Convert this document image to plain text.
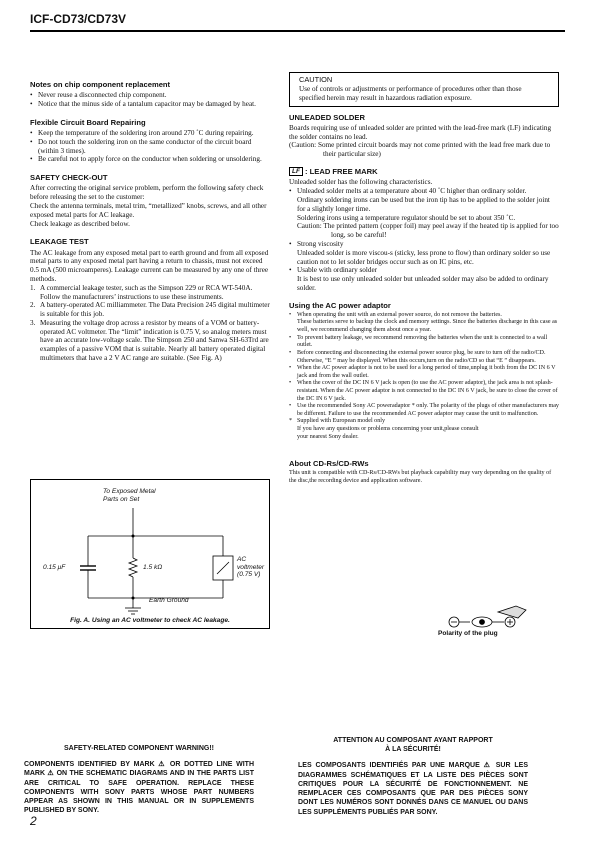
ICF-CD73/CD73V
Notes on chip component replacement
• Never reuse a disconnected chip component.
• Notice that the minus side of a tantalum capacitor may be damaged by heat.
Flexible Circuit Board Repairing
• Keep the temperature of the soldering iron around 270 ˚C during repairing.
• Do not touch the soldering iron on the same conductor of the circuit board (within 3 times).
• Be careful not to apply force on the conductor when soldering or unsoldering.
SAFETY CHECK-OUT

After correcting the original service problem, perform the following safety check before releasing the set to the customer:

Check the antenna terminals, metal trim, “metallized” knobs, screws, and all other exposed metal parts for AC leakage.

Check leakage as described below.

LEAKAGE TEST

The AC leakage from any exposed metal part to earth ground and from all exposed metal parts to any exposed metal part having a return to chassis, must not exceed 0.5 mA (500 microamperes). Leakage current can be measured by any one of three methods.

1. A commercial leakage tester, such as the Simpson 229 or RCA WT-540A. Follow the manufacturers’ instructions to use these instruments.
2. A battery-operated AC milliammeter. The Data Precision 245 digital multimeter is suitable for this job.
3. Measuring the voltage drop across a resistor by means of a VOM or battery-operated AC voltmeter. The “limit” indication is 0.75 V, so analog meters must have an accurate low-voltage scale. The Simpson 250 and Sanwa SH-63Trd are examples of a passive VOM that is suitable. Nearly all battery operated digital multimeters that have a 2 V AC range are suitable. (See Fig. A)
To Exposed Metal
Parts on Set
0.15 μF	1.5 kΩ
AC
voltmeter
(0.75 V)
Earth Ground
Fig. A. Using an AC voltmeter to check AC leakage.
CAUTION

Use of controls or adjustments or performance of procedures other than those specified herein may result in hazardous radiation exposure.

UNLEADED SOLDER

Boards requiring use of unleaded solder are printed with the lead-free mark (LF) indicating the solder contains no lead.

(Caution: Some printed circuit boards may not come printed with the lead free mark due to their particular size)

LF : LEAD FREE MARK

Unleaded solder has the following characteristics.

• Unleaded solder melts at a temperature about 40 ˚C higher than ordinary solder.
Ordinary soldering irons can be used but the iron tip has to be applied to the solder joint for a slightly longer time.
Soldering irons using a temperature regulator should be set to about 350 ˚C.
Caution: The printed pattern (copper foil) may peel away if the heated tip is applied for too long, so be careful!
• Strong viscosity
Unleaded solder is more viscou-s (sticky, less prone to flow) than ordinary solder so use caution not to let solder bridges occur such as on IC pins, etc.
• Usable with ordinary solder
It is best to use only unleaded solder but unleaded solder may also be added to ordinary solder.
Using the AC power adaptor
• When operating the unit with an external power source, do not remove the batteries.
These batteries serve to backup the clock and memory settings. Since the batteries discharge in this case as well, we recommend changing them about once a year.
• To prevent battery leakage, we recommend removing the batteries when the unit is connected to a wall outlet.
• Before connecting and disconnecting the external power source plug, be sure to turn off the radio/CD. Otherwise, “E ” may be displayed. When this occurs,turn on the radio/CD so that “E ” disappears.
• When the AC power adaptor is not to be used for a long period of time,unplug it both from the DC IN 6 V jack and from the wall outlet.
• When the cover of the DC IN 6 V jack is open (to use the AC power adaptor), the jack area is not splash-resistant. When the AC power adaptor is not connected to the DC IN 6 V jack, be sure to close the cover of the DC IN 6 V jack.
• Use the recommended Sony AC poweradaptor * only. The polarity of the plugs of other manufacturers may be different. Failure to use the recommended AC power adaptor may cause the unit to malfunction.
* Supplied with European model only
If you have any questions or problems concerning your unit,please consult your nearest Sony dealer.
About CD-Rs/CD-RWs

This unit is compatible with CD-Rs/CD-RWs but playback capability may vary depending on the quality of the disc,the recording device and application software.

Polarity of the plug
SAFETY-RELATED COMPONENT WARNING!!
COMPONENTS IDENTIFIED BY MARK ⚠ OR DOTTED LINE WITH MARK ⚠ ON THE SCHEMATIC DIAGRAMS AND IN THE PARTS LIST ARE CRITICAL TO SAFE OPERATION. REPLACE THESE COMPONENTS WITH SONY PARTS WHOSE PART NUMBERS APPEAR AS SHOWN IN THIS MANUAL OR IN SUPPLEMENTS PUBLISHED BY SONY.
ATTENTION AU COMPOSANT AYANT RAPPORT
À LA SÉCURITÉ!
LES COMPOSANTS IDENTIFIÉS PAR UNE MARQUE ⚠ SUR LES DIAGRAMMES SCHÉMATIQUES ET LA LISTE DES PIÈCES SONT CRITIQUES POUR LA SÉCURITÉ DE FONCTIONNEMENT. NE REMPLACER CES COMPOSANTS QUE PAR DES PIÈCES SONY DONT LES NUMÉROS SONT DONNÉS DANS CE MANUEL OU DANS LES SUPPLÉMENTS PUBLIÉS PAR SONY.
2
